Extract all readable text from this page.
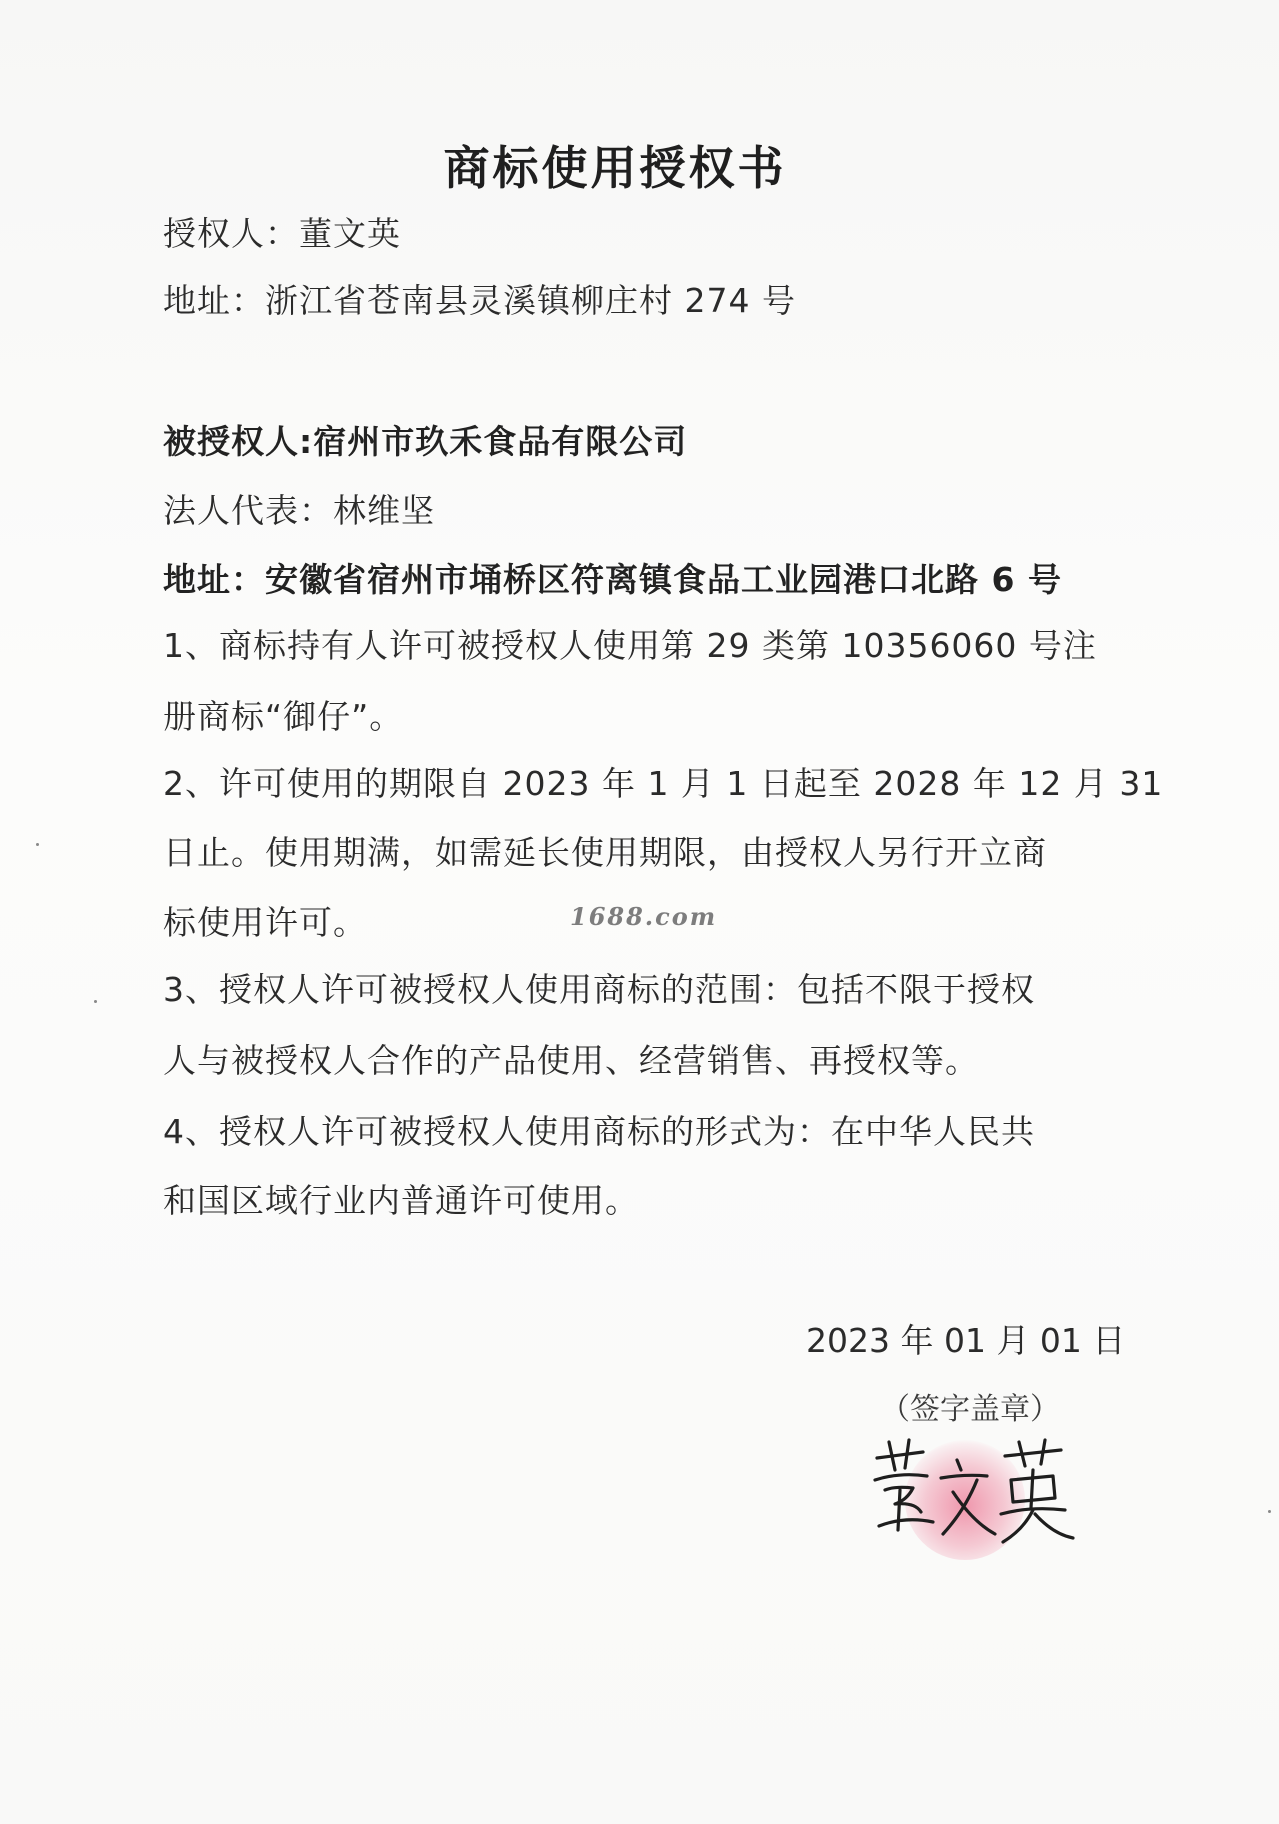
商标使用授权书
授权人：董文英
地址：浙江省苍南县灵溪镇柳庄村 274 号
被授权人:宿州市玖禾食品有限公司
法人代表：林维坚
地址：安徽省宿州市埇桥区符离镇食品工业园港口北路 6 号
1、商标持有人许可被授权人使用第 29 类第 10356060 号注
册商标“御仔”。
2、许可使用的期限自 2023 年 1 月 1 日起至 2028 年 12 月 31
日止。使用期满，如需延长使用期限，由授权人另行开立商
标使用许可。
3、授权人许可被授权人使用商标的范围：包括不限于授权
人与被授权人合作的产品使用、经营销售、再授权等。
4、授权人许可被授权人使用商标的形式为：在中华人民共
和国区域行业内普通许可使用。
1688.com
2023 年 01 月 01 日
（签字盖章）
